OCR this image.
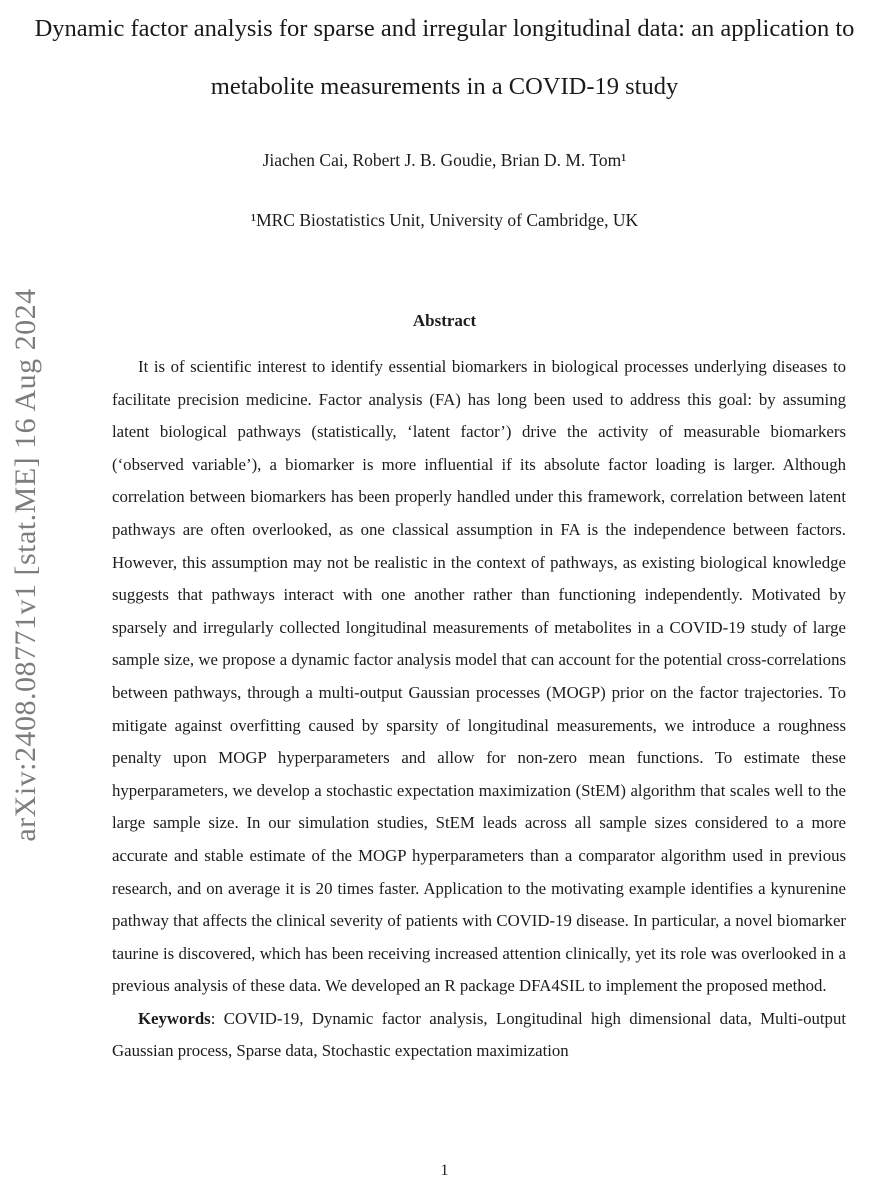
arXiv:2408.08771v1 [stat.ME] 16 Aug 2024
Dynamic factor analysis for sparse and irregular longitudinal data: an application to metabolite measurements in a COVID-19 study
Jiachen Cai, Robert J. B. Goudie, Brian D. M. Tom¹
¹MRC Biostatistics Unit, University of Cambridge, UK
Abstract

It is of scientific interest to identify essential biomarkers in biological processes underlying diseases to facilitate precision medicine. Factor analysis (FA) has long been used to address this goal: by assuming latent biological pathways (statistically, ‘latent factor’) drive the activity of measurable biomarkers (‘observed variable’), a biomarker is more influential if its absolute factor loading is larger. Although correlation between biomarkers has been properly handled under this framework, correlation between latent pathways are often overlooked, as one classical assumption in FA is the independence between factors. However, this assumption may not be realistic in the context of pathways, as existing biological knowledge suggests that pathways interact with one another rather than functioning independently. Motivated by sparsely and irregularly collected longitudinal measurements of metabolites in a COVID-19 study of large sample size, we propose a dynamic factor analysis model that can account for the potential cross-correlations between pathways, through a multi-output Gaussian processes (MOGP) prior on the factor trajectories. To mitigate against overfitting caused by sparsity of longitudinal measurements, we introduce a roughness penalty upon MOGP hyperparameters and allow for non-zero mean functions. To estimate these hyperparameters, we develop a stochastic expectation maximization (StEM) algorithm that scales well to the large sample size. In our simulation studies, StEM leads across all sample sizes considered to a more accurate and stable estimate of the MOGP hyperparameters than a comparator algorithm used in previous research, and on average it is 20 times faster. Application to the motivating example identifies a kynurenine pathway that affects the clinical severity of patients with COVID-19 disease. In particular, a novel biomarker taurine is discovered, which has been receiving increased attention clinically, yet its role was overlooked in a previous analysis of these data. We developed an R package DFA4SIL to implement the proposed method.

Keywords: COVID-19, Dynamic factor analysis, Longitudinal high dimensional data, Multi-output Gaussian process, Sparse data, Stochastic expectation maximization

1
